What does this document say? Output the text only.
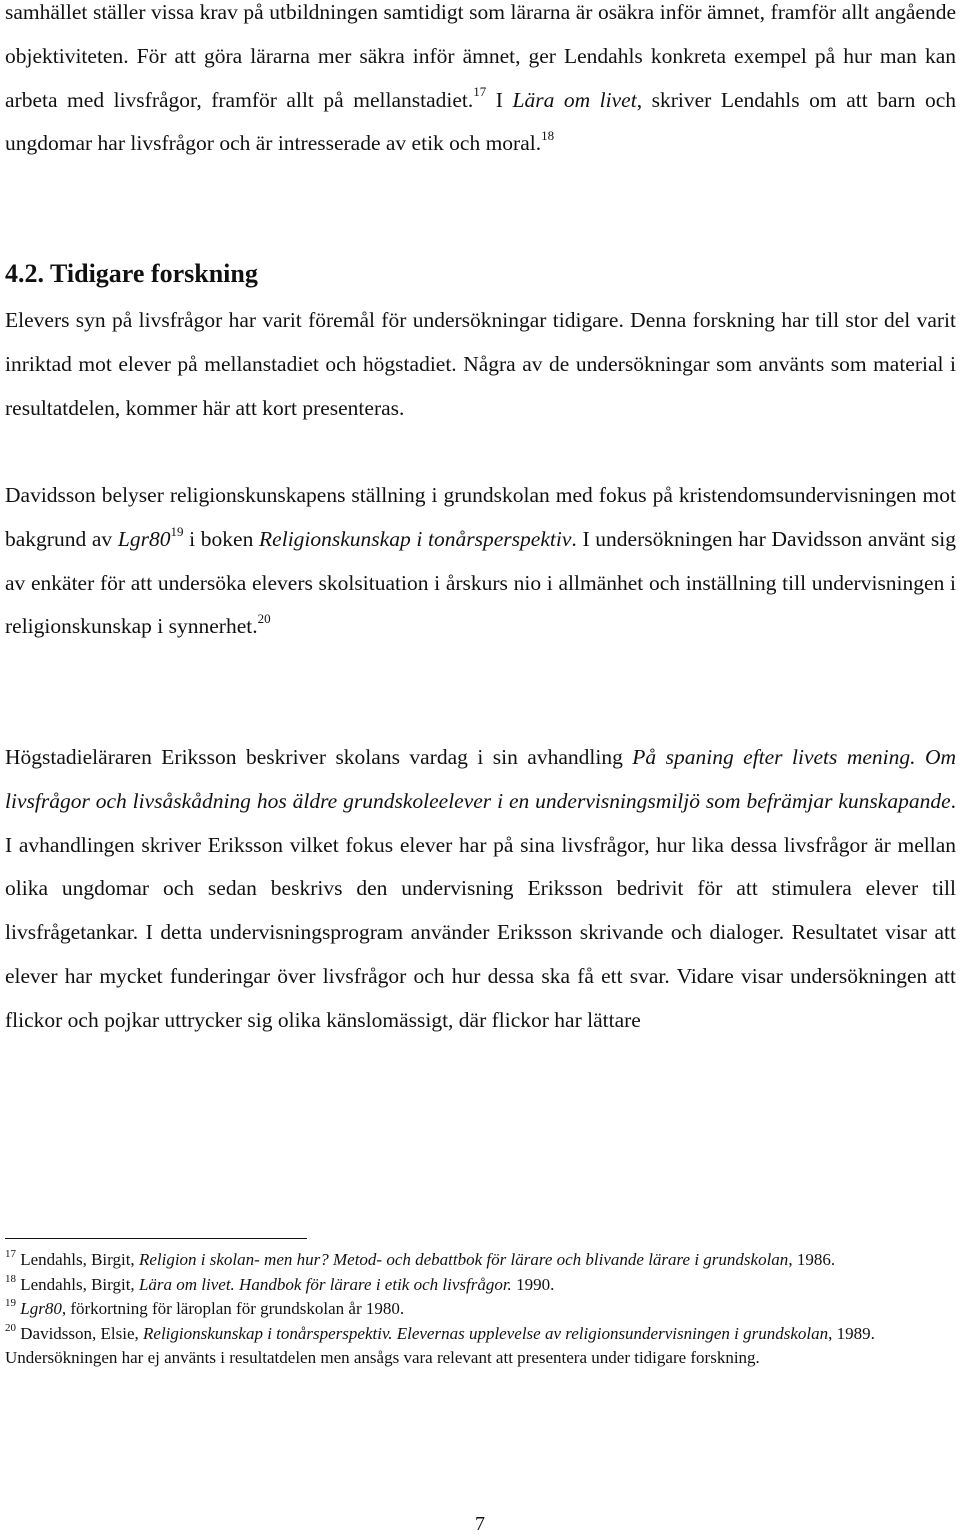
samhället ställer vissa krav på utbildningen samtidigt som lärarna är osäkra inför ämnet, framför allt angående objektiviteten. För att göra lärarna mer säkra inför ämnet, ger Lendahls konkreta exempel på hur man kan arbeta med livsfrågor, framför allt på mellanstadiet.$^{17}$ I Lära om livet, skriver Lendahls om att barn och ungdomar har livsfrågor och är intresserade av etik och moral.$^{18}$

4.2. Tidigare forskning

Elevers syn på livsfrågor har varit föremål för undersökningar tidigare. Denna forskning har till stor del varit inriktad mot elever på mellanstadiet och högstadiet. Några av de undersökningar som använts som material i resultatdelen, kommer här att kort presenteras.

Davidsson belyser religionskunskapens ställning i grundskolan med fokus på kristendomsundervisningen mot bakgrund av $Lgr80^{19}$ i boken Religionskunskap i tonårsperspektiv. I undersökningen har Davidsson använt sig av enkäter för att undersöka elevers skolsituation i årskurs nio i allmänhet och inställning till undervisningen i religionskunskap i synnerhet.$^{20}$

Högstadieläraren Eriksson beskriver skolans vardag i sin avhandling På spaning efter livets mening. Om livsfrågor och livsåskådning hos äldre grundskoleelever i en undervisningsmiljö som befrämjar kunskapande. I avhandlingen skriver Eriksson vilket fokus elever har på sina livsfrågor, hur lika dessa livsfrågor är mellan olika ungdomar och sedan beskrivs den undervisning Eriksson bedrivit för att stimulera elever till livsfrågetankar. I detta undervisningsprogram använder Eriksson skrivande och dialoger. Resultatet visar att elever har mycket funderingar över livsfrågor och hur dessa ska få ett svar. Vidare visar undersökningen att flickor och pojkar uttrycker sig olika känslomässigt, där flickor har lättare

$^{17}$ Lendahls, Birgit, Religion i skolan- men hur? Metod- och debattbok för lärare och blivande lärare i grundskolan, 1986.

$^{18}$ Lendahls, Birgit, Lära om livet. Handbok för lärare i etik och livsfrågor. 1990.

$^{19}$ Lgr80, förkortning för läroplan för grundskolan år 1980.

$^{20}$ Davidsson, Elsie, Religionskunskap i tonårsperspektiv. Elevernas upplevelse av religionsundervisningen i grundskolan, 1989. Undersökningen har ej använts i resultatdelen men ansågs vara relevant att presentera under tidigare forskning.

7
